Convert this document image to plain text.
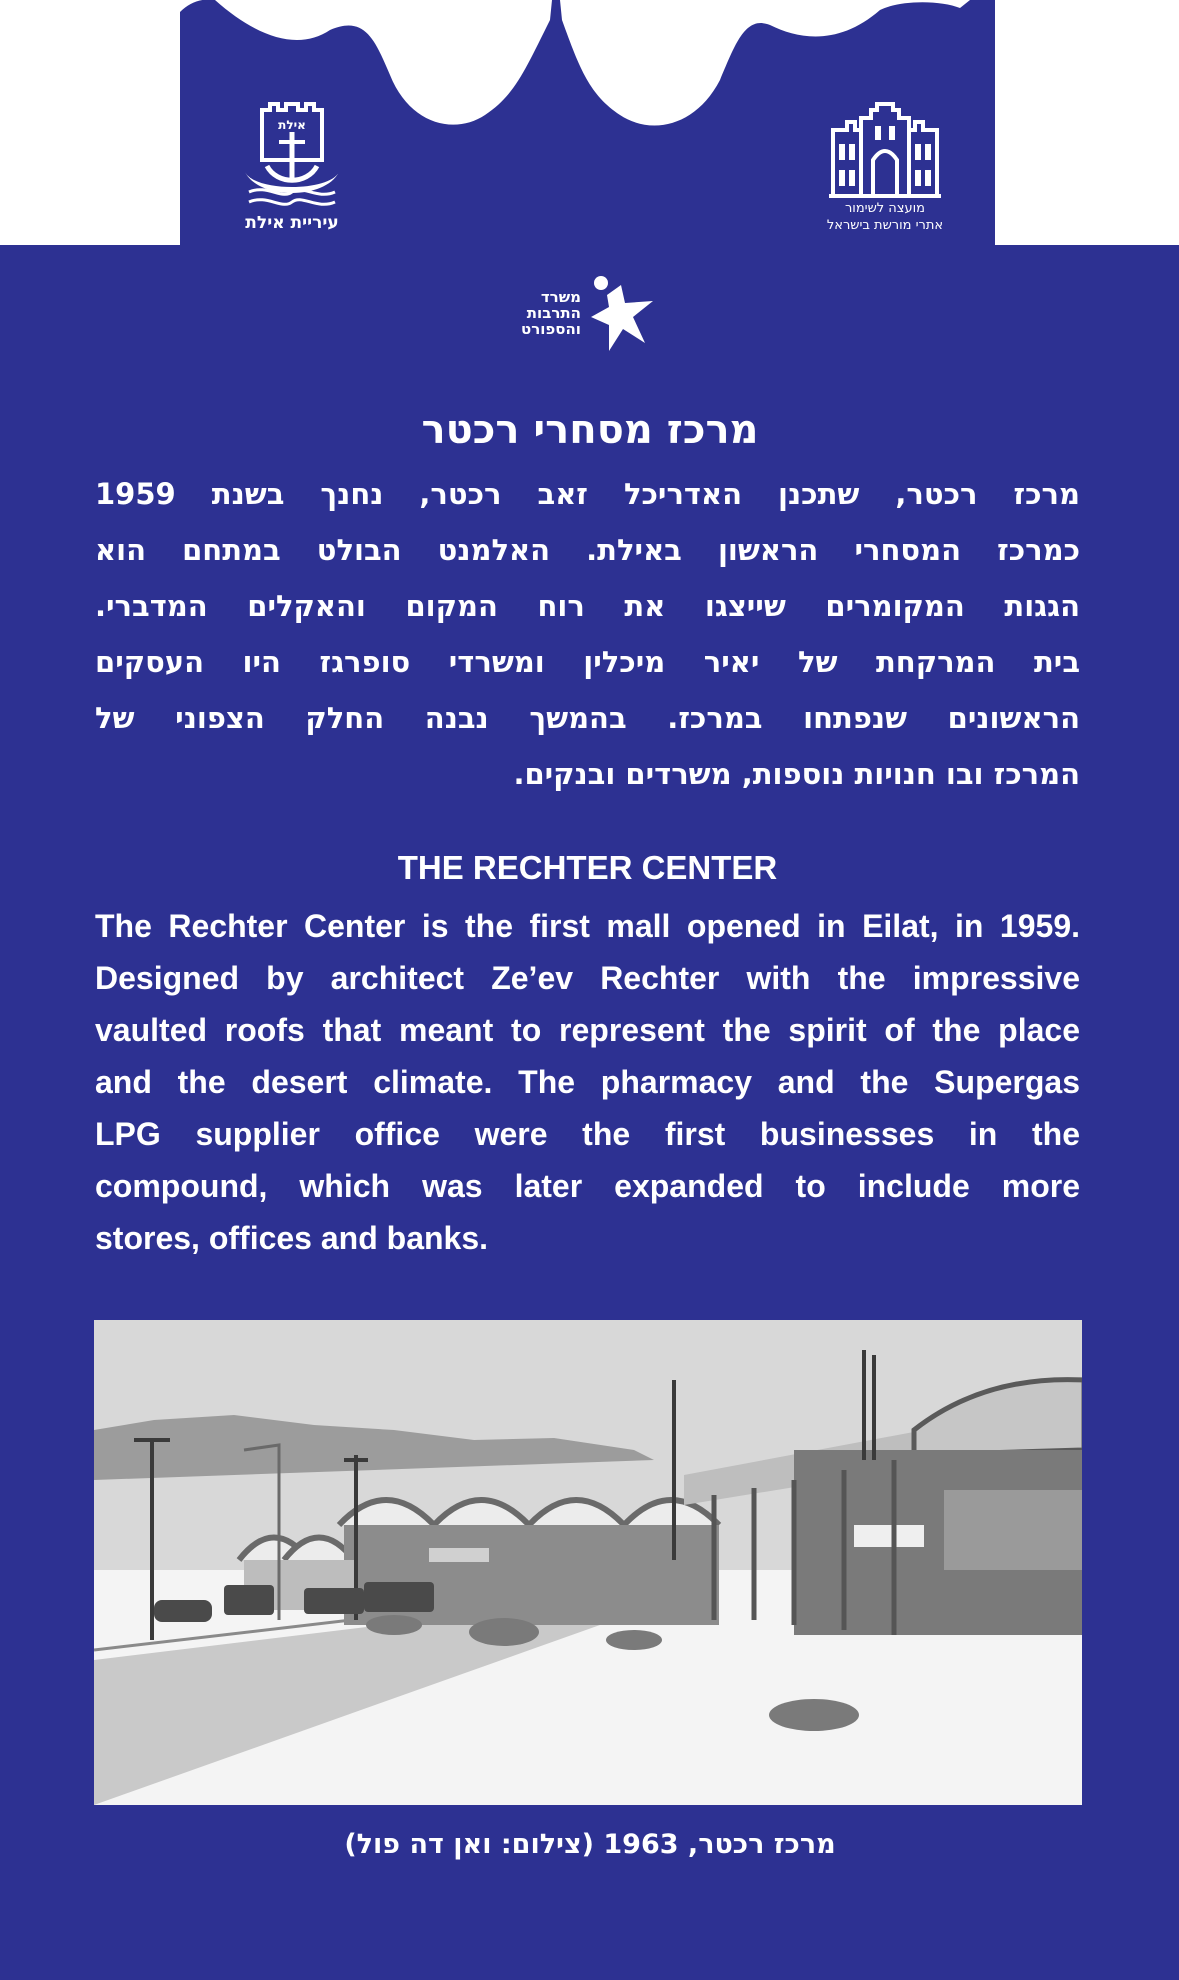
אילת
עיריית אילת
מועצה לשימור
אתרי מורשת בישראל
משרד
התרבות
והספורט
מרכז מסחרי רכטר
מרכז רכטר, שתכנן האדריכל זאב רכטר, נחנך בשנת 1959
כמרכז המסחרי הראשון באילת. האלמנט הבולט במתחם הוא
הגגות המקומרים שייצגו את רוח המקום והאקלים המדברי.
בית המרקחת של יאיר מיכלין ומשרדי סופרגז היו העסקים
הראשונים שנפתחו במרכז. בהמשך נבנה החלק הצפוני של
המרכז ובו חנויות נוספות, משרדים ובנקים.
THE RECHTER CENTER
The Rechter Center is the first mall opened in Eilat, in 1959.
Designed by architect Ze’ev Rechter with the impressive
vaulted roofs that meant to represent the spirit of the place
and the desert climate. The pharmacy and the Supergas
LPG supplier office were the first businesses in the
compound, which was later expanded to include more
stores, offices and banks.
מרכז רכטר, 1963 (צילום: ואן דה פול)
